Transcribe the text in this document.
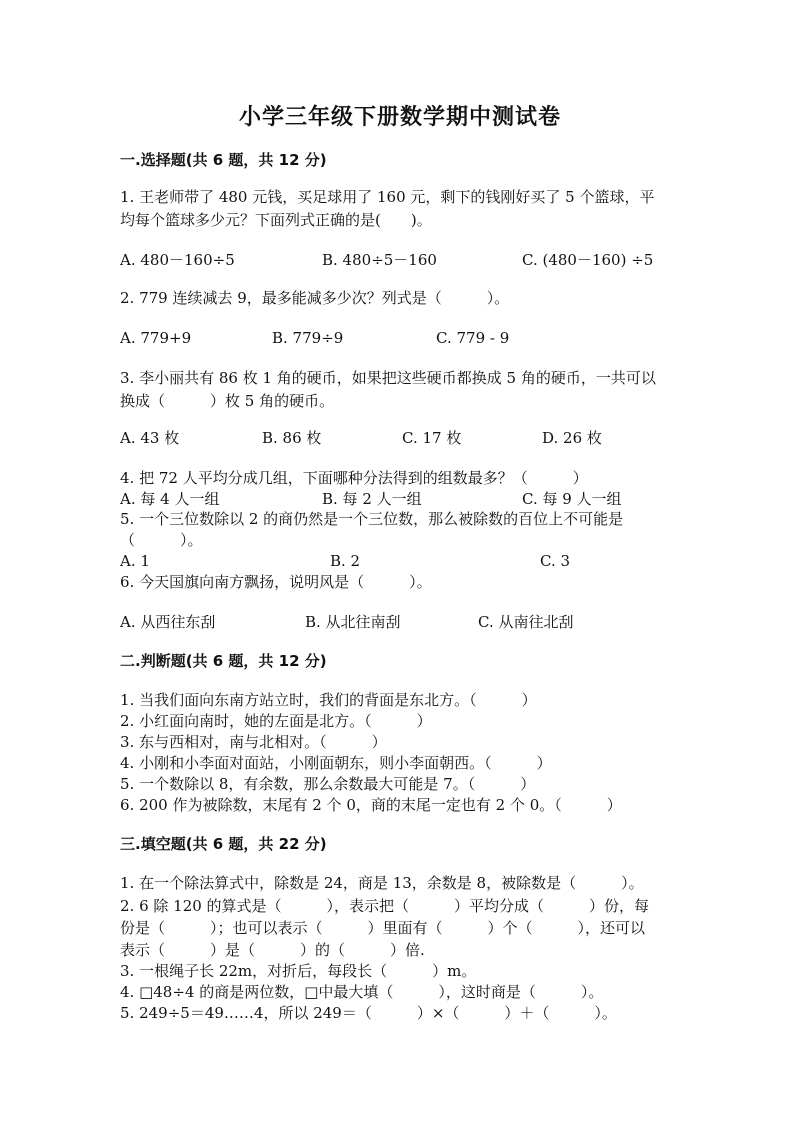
小学三年级下册数学期中测试卷
一.选择题(共 6 题，共 12 分)
1. 王老师带了 480 元钱，买足球用了 160 元，剩下的钱刚好买了 5 个篮球，平
均每个篮球多少元？下面列式正确的是(　　)。
A. 480－160÷5	B. 480÷5－160	C. (480－160) ÷5
2. 779 连续减去 9，最多能减多少次？列式是（　　　）。
A. 779+9	B. 779÷9	C. 779 - 9
3. 李小丽共有 86 枚 1 角的硬币，如果把这些硬币都换成 5 角的硬币，一共可以
换成（　　　）枚 5 角的硬币。
A. 43 枚	B. 86 枚	C. 17 枚	D. 26 枚
4. 把 72 人平均分成几组，下面哪种分法得到的组数最多？（　　　）
A. 每 4 人一组	B. 每 2 人一组	C. 每 9 人一组
5. 一个三位数除以 2 的商仍然是一个三位数，那么被除数的百位上不可能是
（　　　）。
A. 1	B. 2	C. 3
6. 今天国旗向南方飘扬，说明风是（　　　）。
A. 从西往东刮	B. 从北往南刮	C. 从南往北刮
二.判断题(共 6 题，共 12 分)
1. 当我们面向东南方站立时，我们的背面是东北方。（　　　）
2. 小红面向南时，她的左面是北方。（　　　）
3. 东与西相对，南与北相对。（　　　）
4. 小刚和小李面对面站，小刚面朝东，则小李面朝西。（　　　）
5. 一个数除以 8，有余数，那么余数最大可能是 7。（　　　）
6. 200 作为被除数，末尾有 2 个 0，商的末尾一定也有 2 个 0。（　　　）
三.填空题(共 6 题，共 22 分)
1. 在一个除法算式中，除数是 24，商是 13，余数是 8，被除数是（　　　）。
2. 6 除 120 的算式是（　　　），表示把（　　　）平均分成（　　　）份，每
份是（　　　）；也可以表示（　　　）里面有（　　　）个（　　　），还可以
表示（　　　）是（　　　）的（　　　）倍.
3. 一根绳子长 22m，对折后，每段长（　　　）m。
4. □48÷4 的商是两位数，□中最大填（　　　），这时商是（　　　）。
5. 249÷5＝49……4，所以 249＝（　　　）×（　　　）＋（　　　）。
